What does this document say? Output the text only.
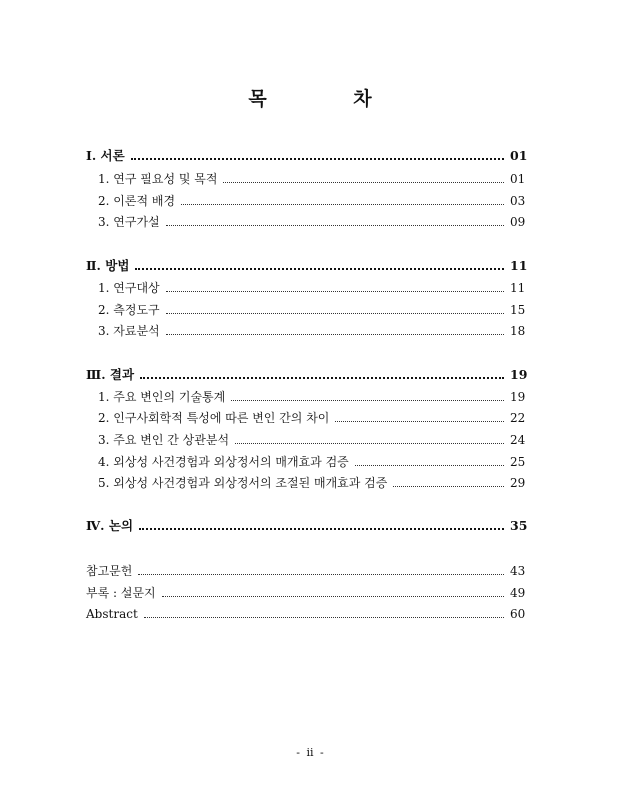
목 차
Ⅰ. 서론	01
1. 연구 필요성 및 목적	01
2. 이론적 배경	03
3. 연구가설	09
Ⅱ. 방법	11
1. 연구대상	11
2. 측정도구	15
3. 자료분석	18
Ⅲ. 결과	19
1. 주요 변인의 기술통계	19
2. 인구사회학적 특성에 따른 변인 간의 차이	22
3. 주요 변인 간 상관분석	24
4. 외상성 사건경험과 외상정서의 매개효과 검증	25
5. 외상성 사건경험과 외상정서의 조절된 매개효과 검증	29
Ⅳ. 논의	35
참고문헌	43
부록 : 설문지	49
Abstract	60
- ii -
